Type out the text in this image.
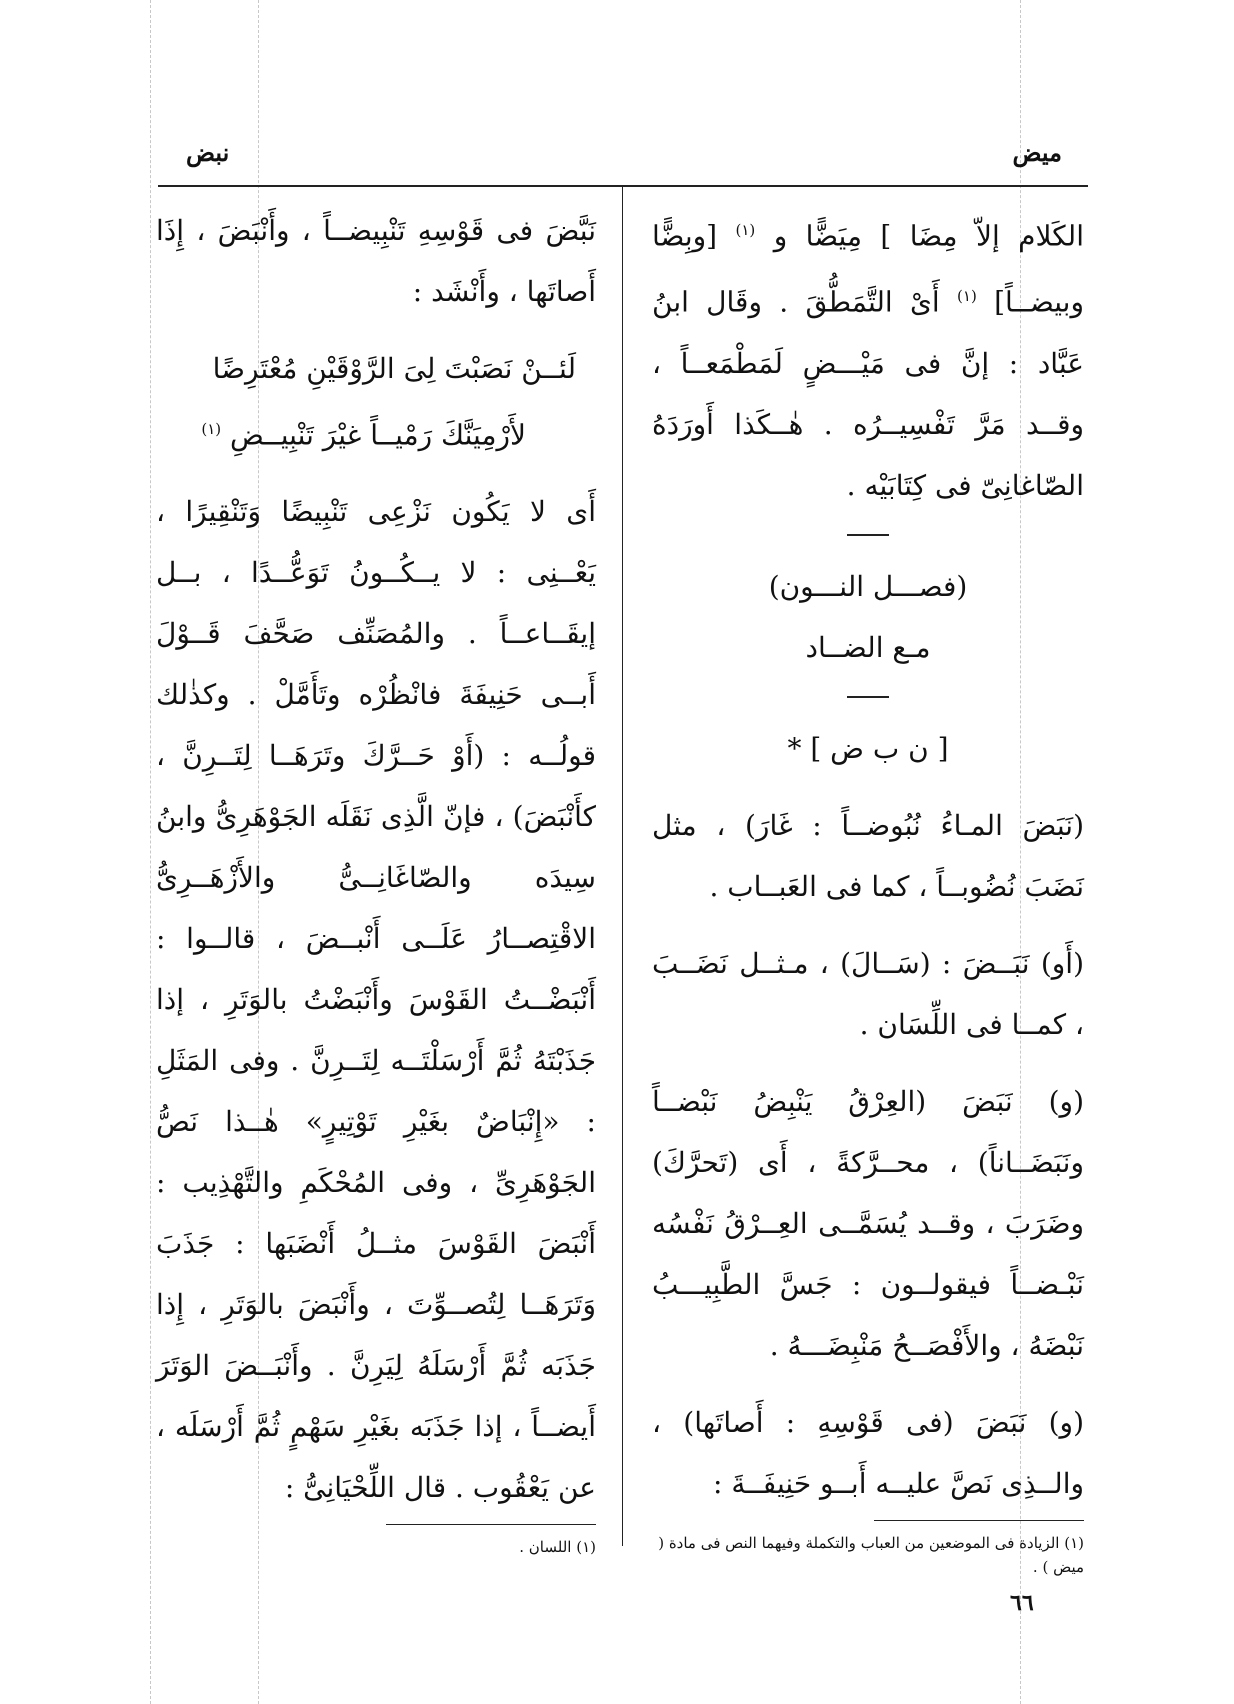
ميض
نبض

الكَلام إلاّ مِضَا ] مِيَضًّا و $^{(١)}$ [وبِضًّا وبيضــاً] $^{(١)}$ أَىْ التَّمَطُّقَ . وقَال ابنُ عَبَّاد : إنَّ فى مَيْـــضٍ لَمَطْمَعــاً ، وقــد مَرَّ تَفْسِيــرُه . هٰــكَذا أَورَدَهُ الصّاغانِىّ فى كِتَابَيْه .

(فصـــل النـــون)

مـع الضــاد

[ ن ب ض ] *

(نَبَضَ المـاءُ نُبُوضــاً : غَارَ) ، مثل نَضَبَ نُضُوبــاً ، كما فى العَبــاب .

(أَو) نَبَــضَ : (سَــالَ) ، مـثــل نَضَــبَ ، كمــا فى اللِّسَان .

(و) نَبَضَ (العِرْقُ يَنْبِضُ نَبْضــاً ونَبَضَــاناً) ، محــرَّكةً ، أَى (تَحرَّكَ) وضَرَبَ ، وقــد يُسَمَّــى العِــرْقُ نَفْسُه نَبْـضــاً فيقولــون : جَسَّ الطَّبِيـــبُ نَبْضَهُ ، والأَفْصَــحُ مَنْبِضَـــهُ .

(و) نَبَضَ (فى قَوْسِهِ : أَصاتَها) ، والــذِى نَصَّ عليــه أَبــو حَنِيفَــةَ :

(١) الزيادة فى الموضعين من العباب والتكملة وفيهما النص فى مادة ( ميض ) .

نَبَّضَ فى قَوْسِهِ تَنْبِيضــاً ، وأَنْبَضَ ، إِذَا أَصاتَها ، وأَنْشَد :

لَئــنْ نَصَبْتَ لِىَ الرَّوْقَيْنِ مُعْتَرِضًا

لأَرْمِيَنَّكَ رَمْيــاً غيْرَ تَنْبِيــضِ $^{(١)}$

أَى لا يَكُون نَزْعِى تَنْبِيضًا وَتَنْقِيرًا ، يَعْــنِى : لا يــكُــونُ تَوَعُّــدًا ، بــل إيقَــاعــاً . والمُصَنِّف صَحَّفَ قَــوْلَ أَبــى حَنِيفَةَ فانْظُرْه وتَأَمَّلْ . وكذٰلك قولُــه : (أَوْ حَــرَّكَ وتَرَهَــا لِتَــرِنَّ ، كأَنْبَضَ) ، فإنّ الَّذِى نَقَلَه الجَوْهَرِىُّ وابنُ سِيدَه والصّاغَانِــىُّ والأَزْهَــرِىُّ الاقْتِصــارُ عَلَــى أَنْبــضَ ، قالــوا : أَنْبَضْــتُ القَوْسَ وأَنْبَضْتُ بالوَتَرِ ، إذا جَذَبْتَهُ ثُمَّ أَرْسَلْتَــه لِتَــرِنَّ . وفى المَثَلِ : «إِنْبَاضٌ بغَيْرِ تَوْتِيرٍ» هٰــذا نَصُّ الجَوْهَرِىِّ ، وفى المُحْكَمِ والتَّهْذِيب : أَنْبَضَ القَوْسَ مثــلُ أَنْضَبَها : جَذَبَ وَتَرَهَــا لِتُصــوِّتَ ، وأَنْبَضَ بالوَتَرِ ، إِذا جَذَبَه ثُمَّ أَرْسَلَهُ لِيَرِنَّ . وأَنْبَــضَ الوَتَرَ أَيضــاً ، إذا جَذَبَه بغَيْرِ سَهْمٍ ثُمَّ أَرْسَلَه ، عن يَعْقُوب . قال اللِّحْيَانِىُّ :

(١) اللسان .

٦٦
